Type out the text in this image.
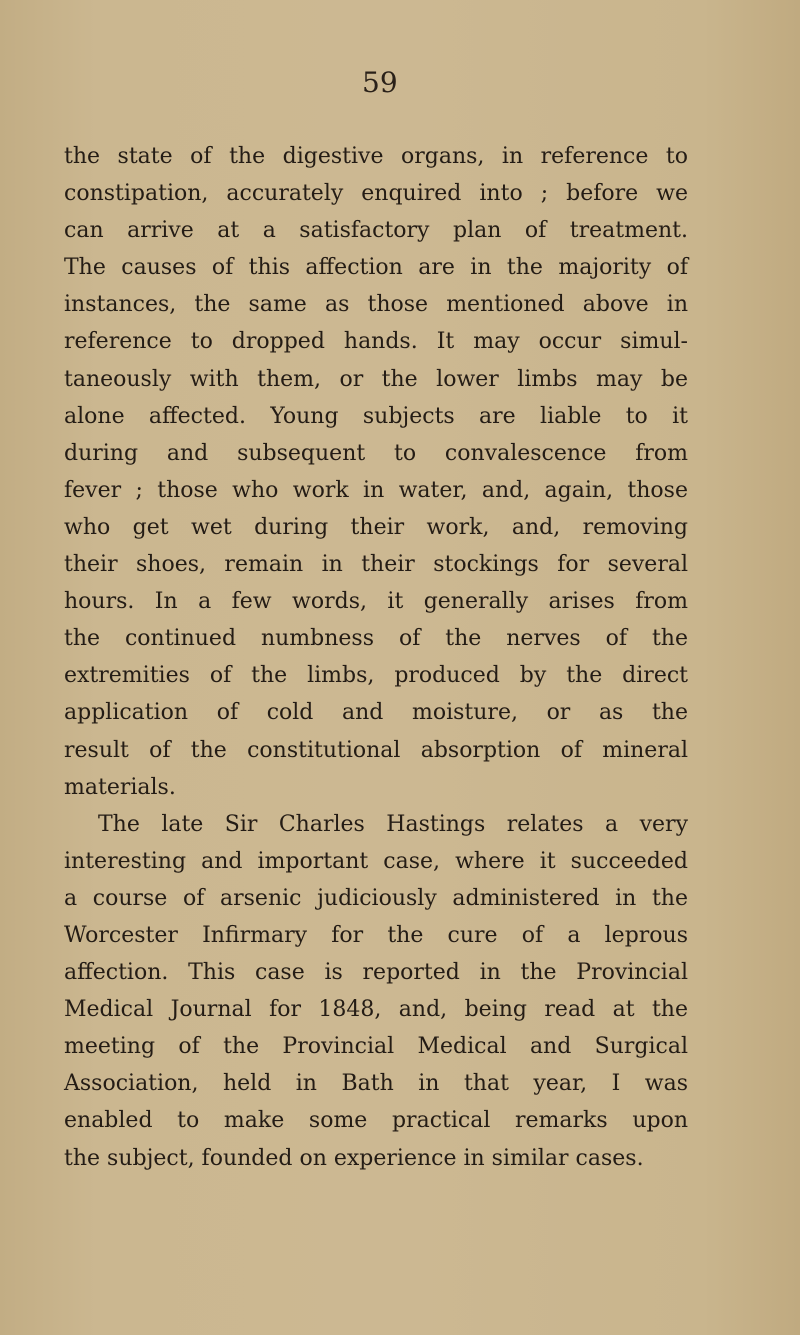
59
the state of the digestive organs, in reference to
constipation, accurately enquired into ; before we
can arrive at a satisfactory plan of treatment.
The causes of this affection are in the majority of
instances, the same as those mentioned above in
reference to dropped hands. It may occur simul-
taneously with them, or the lower limbs may be
alone affected. Young subjects are liable to it
during and subsequent to convalescence from
fever ; those who work in water, and, again, those
who get wet during their work, and, removing
their shoes, remain in their stockings for several
hours. In a few words, it generally arises from
the continued numbness of the nerves of the
extremities of the limbs, produced by the direct
application of cold and moisture, or as the
result of the constitutional absorption of mineral
materials.
The late Sir Charles Hastings relates a very
interesting and important case, where it succeeded
a course of arsenic judiciously administered in the
Worcester Infirmary for the cure of a leprous
affection. This case is reported in the Provincial
Medical Journal for 1848, and, being read at the
meeting of the Provincial Medical and Surgical
Association, held in Bath in that year, I was
enabled to make some practical remarks upon
the subject, founded on experience in similar cases.
